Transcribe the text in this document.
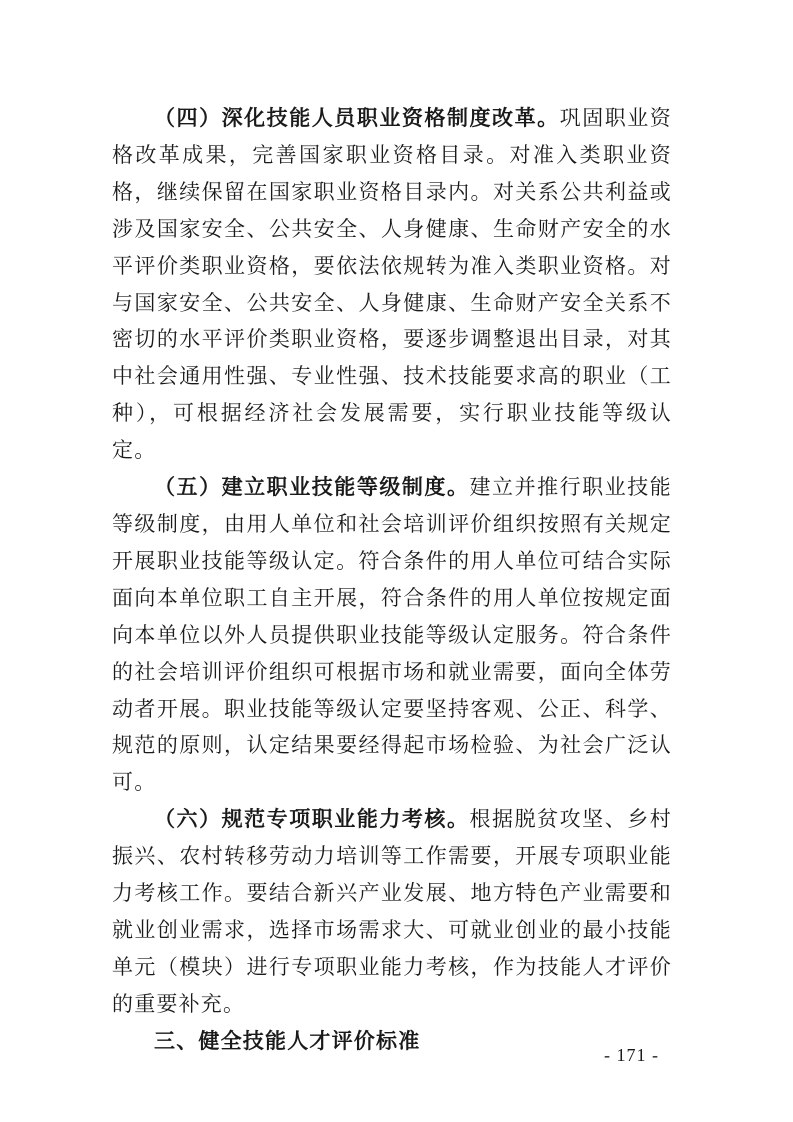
（四）深化技能人员职业资格制度改革。巩固职业资格改革成果，完善国家职业资格目录。对准入类职业资格，继续保留在国家职业资格目录内。对关系公共利益或涉及国家安全、公共安全、人身健康、生命财产安全的水平评价类职业资格，要依法依规转为准入类职业资格。对与国家安全、公共安全、人身健康、生命财产安全关系不密切的水平评价类职业资格，要逐步调整退出目录，对其中社会通用性强、专业性强、技术技能要求高的职业（工种），可根据经济社会发展需要，实行职业技能等级认定。

（五）建立职业技能等级制度。建立并推行职业技能等级制度，由用人单位和社会培训评价组织按照有关规定开展职业技能等级认定。符合条件的用人单位可结合实际面向本单位职工自主开展，符合条件的用人单位按规定面向本单位以外人员提供职业技能等级认定服务。符合条件的社会培训评价组织可根据市场和就业需要，面向全体劳动者开展。职业技能等级认定要坚持客观、公正、科学、规范的原则，认定结果要经得起市场检验、为社会广泛认可。

（六）规范专项职业能力考核。根据脱贫攻坚、乡村振兴、农村转移劳动力培训等工作需要，开展专项职业能力考核工作。要结合新兴产业发展、地方特色产业需要和就业创业需求，选择市场需求大、可就业创业的最小技能单元（模块）进行专项职业能力考核，作为技能人才评价的重要补充。

三、健全技能人才评价标准
- 171 -
